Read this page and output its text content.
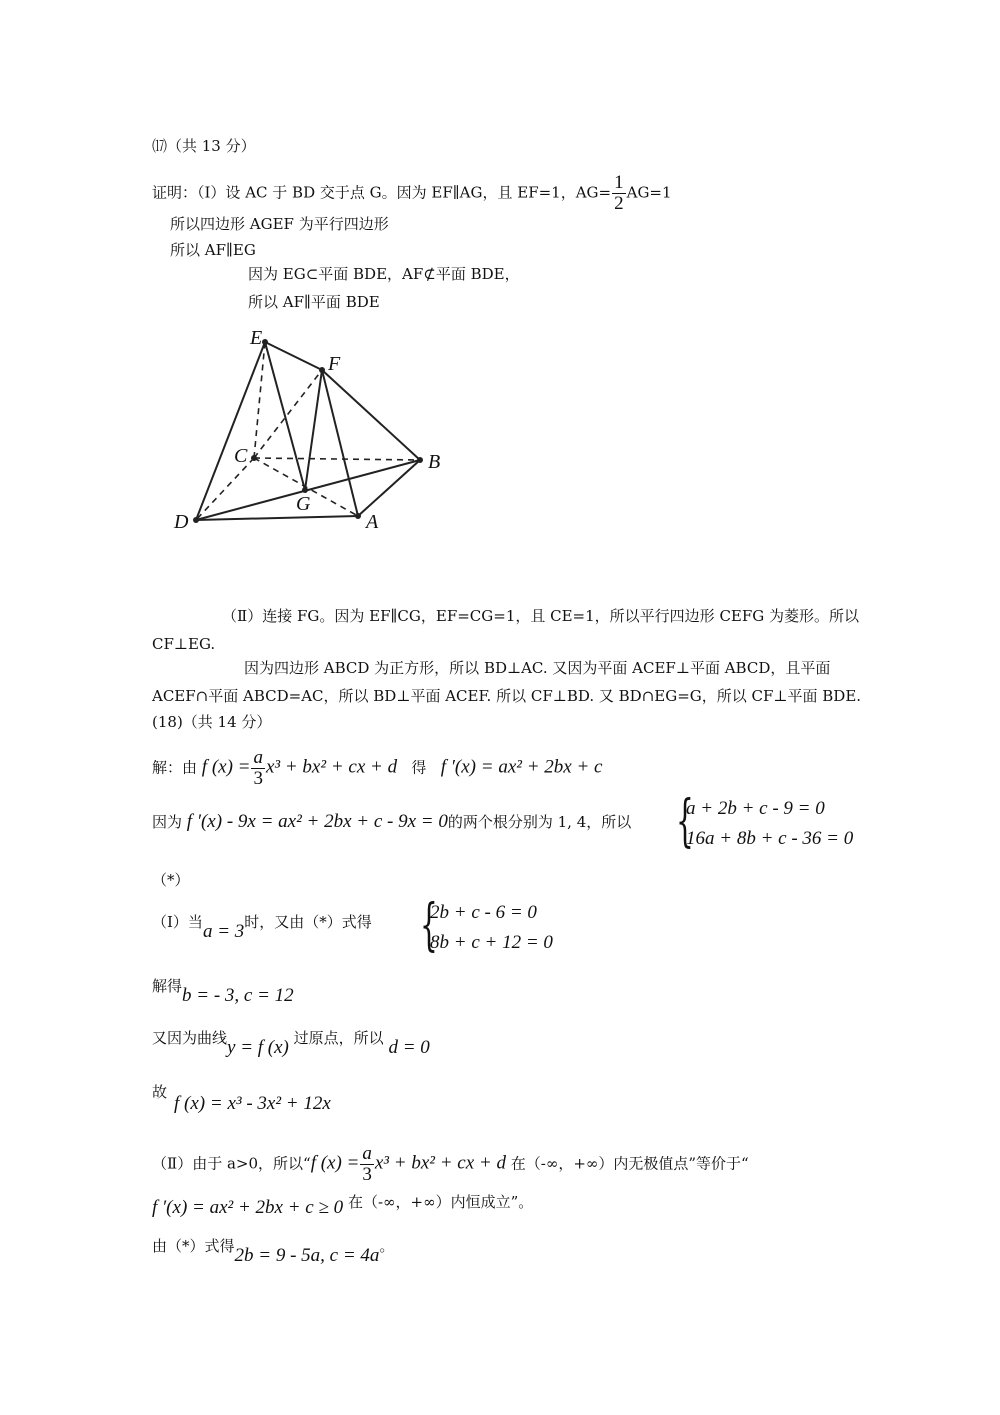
⒄（共 13 分）
证明：（Ⅰ）设 AC 于 BD 交于点 G。因为 EF∥AG，且 EF=1，$AG= \frac{1}{2} AG=1$
所以四边形 AGEF 为平行四边形
所以 AF∥EG
因为 EG⊂平面 BDE，AF⊄平面 BDE，
所以 AF∥平面 BDE
E
F
C	B
G
D	A
（Ⅱ）连接 FG。因为 EF∥CG，EF=CG=1，且 CE=1，所以平行四边形 CEFG 为菱形。所以
CF⊥EG.
因为四边形 ABCD 为正方形，所以 BD⊥AC. 又因为平面 ACEF⊥平面 ABCD，且平面
ACEF∩平面 ABCD=AC，所以 BD⊥平面 ACEF. 所以 CF⊥BD. 又 BD∩EG=G，所以 CF⊥平面 BDE.
(18)（共 14 分）
解：由 f $(x) = \frac{a}{3} x^3 + bx^2$ + cx + d 得 f ′(x) = ax² + 2bx + c
因为 f ′(x) - 9x = ax² + 2bx + c - 9x = 0的两个根分别为 1, 4，所以 {
a + 2b + c - 9 = 0
16a + 8b + c - 36 = 0
（*）
（Ⅰ）当a = 3时，又由（*）式得 {
2b + c - 6 = 0
8b + c + 12 = 0
解得b = - 3, c = 12
又因为曲线y = f (x) 过原点，所以 d = 0
故
f (x) = x³ - 3x² + 12x
（Ⅱ）由于 a>0，所以“f $(x) = \frac{a}{3} x^3 + bx^2$ + cx + d 在（-∞，+∞）内无极值点”等价于“
f ′(x) = ax² + 2bx + c ≥ 0 在（-∞，+∞）内恒成立”。
由（*）式得2b = 9 - 5a, c = 4a。
